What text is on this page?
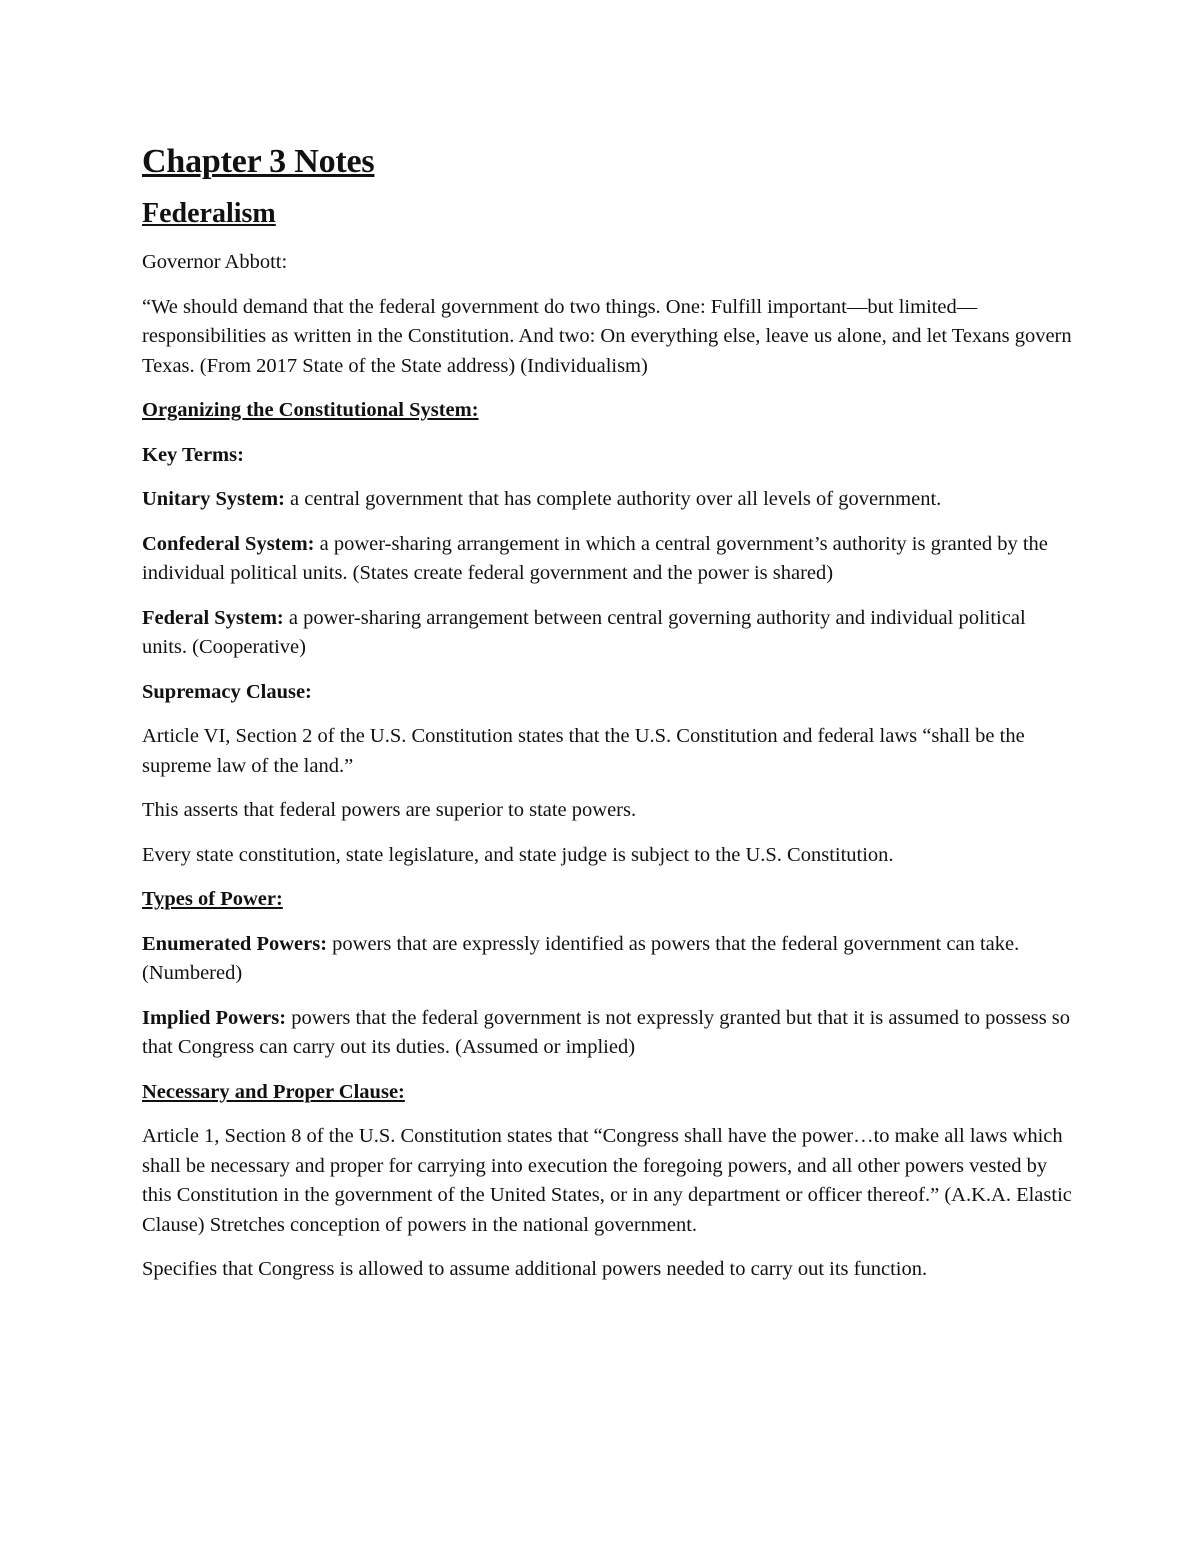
Chapter 3 Notes
Federalism

Governor Abbott:

“We should demand that the federal government do two things. One: Fulfill important—but limited—responsibilities as written in the Constitution. And two: On everything else, leave us alone, and let Texans govern Texas. (From 2017 State of the State address) (Individualism)

Organizing the Constitutional System:

Key Terms:

Unitary System: a central government that has complete authority over all levels of government.

Confederal System: a power-sharing arrangement in which a central government’s authority is granted by the individual political units. (States create federal government and the power is shared)

Federal System: a power-sharing arrangement between central governing authority and individual political units. (Cooperative)

Supremacy Clause:

Article VI, Section 2 of the U.S. Constitution states that the U.S. Constitution and federal laws “shall be the supreme law of the land.”

This asserts that federal powers are superior to state powers.

Every state constitution, state legislature, and state judge is subject to the U.S. Constitution.

Types of Power:

Enumerated Powers: powers that are expressly identified as powers that the federal government can take. (Numbered)

Implied Powers: powers that the federal government is not expressly granted but that it is assumed to possess so that Congress can carry out its duties. (Assumed or implied)

Necessary and Proper Clause:

Article 1, Section 8 of the U.S. Constitution states that “Congress shall have the power…to make all laws which shall be necessary and proper for carrying into execution the foregoing powers, and all other powers vested by this Constitution in the government of the United States, or in any department or officer thereof.” (A.K.A. Elastic Clause) Stretches conception of powers in the national government.

Specifies that Congress is allowed to assume additional powers needed to carry out its function.
